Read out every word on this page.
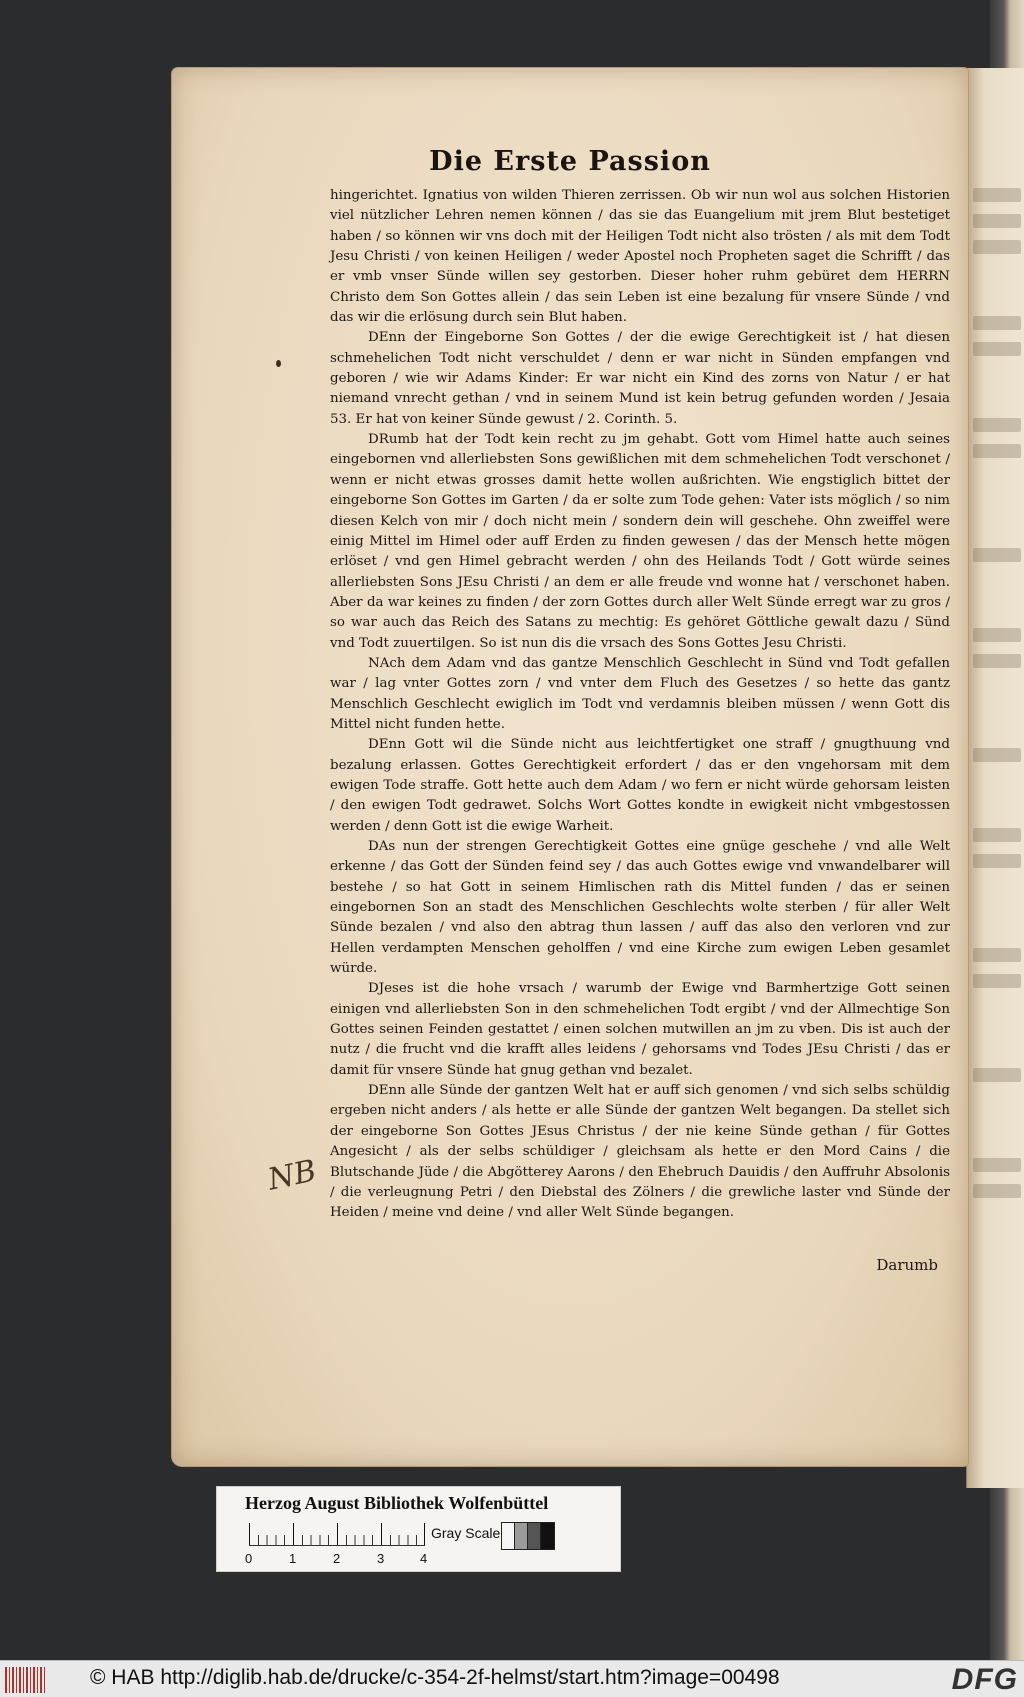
Die Erste Passion
NB

hingerichtet. Ignatius von wilden Thieren zerrissen. Ob wir nun wol aus solchen Historien viel nützlicher Lehren nemen können / das sie das Euangelium mit jrem Blut bestetiget haben / so können wir vns doch mit der Heiligen Todt nicht also trösten / als mit dem Todt Jesu Christi / von keinen Heiligen / weder Apostel noch Propheten saget die Schrifft / das er vmb vnser Sünde willen sey gestorben. Dieser hoher ruhm gebüret dem HERRN Christo dem Son Gottes allein / das sein Leben ist eine bezalung für vnsere Sünde / vnd das wir die erlösung durch sein Blut haben.

DEnn der Eingeborne Son Gottes / der die ewige Gerechtigkeit ist / hat diesen schmehelichen Todt nicht verschuldet / denn er war nicht in Sünden empfangen vnd geboren / wie wir Adams Kinder: Er war nicht ein Kind des zorns von Natur / er hat niemand vnrecht gethan / vnd in seinem Mund ist kein betrug gefunden worden / Jesaia 53. Er hat von keiner Sünde gewust / 2. Corinth. 5.

DRumb hat der Todt kein recht zu jm gehabt. Gott vom Himel hatte auch seines eingebornen vnd allerliebsten Sons gewißlichen mit dem schmehelichen Todt verschonet / wenn er nicht etwas grosses damit hette wollen außrichten. Wie engstiglich bittet der eingeborne Son Gottes im Garten / da er solte zum Tode gehen: Vater ists möglich / so nim diesen Kelch von mir / doch nicht mein / sondern dein will geschehe. Ohn zweiffel were einig Mittel im Himel oder auff Erden zu finden gewesen / das der Mensch hette mögen erlöset / vnd gen Himel gebracht werden / ohn des Heilands Todt / Gott würde seines allerliebsten Sons JEsu Christi / an dem er alle freude vnd wonne hat / verschonet haben. Aber da war keines zu finden / der zorn Gottes durch aller Welt Sünde erregt war zu gros / so war auch das Reich des Satans zu mechtig: Es gehöret Göttliche gewalt dazu / Sünd vnd Todt zuuertilgen. So ist nun dis die vrsach des Sons Gottes Jesu Christi.

NAch dem Adam vnd das gantze Menschlich Geschlecht in Sünd vnd Todt gefallen war / lag vnter Gottes zorn / vnd vnter dem Fluch des Gesetzes / so hette das gantz Menschlich Geschlecht ewiglich im Todt vnd verdamnis bleiben müssen / wenn Gott dis Mittel nicht funden hette.

DEnn Gott wil die Sünde nicht aus leichtfertigket one straff / gnugthuung vnd bezalung erlassen. Gottes Gerechtigkeit erfordert / das er den vngehorsam mit dem ewigen Tode straffe. Gott hette auch dem Adam / wo fern er nicht würde gehorsam leisten / den ewigen Todt gedrawet. Solchs Wort Gottes kondte in ewigkeit nicht vmbgestossen werden / denn Gott ist die ewige Warheit.

DAs nun der strengen Gerechtigkeit Gottes eine gnüge geschehe / vnd alle Welt erkenne / das Gott der Sünden feind sey / das auch Gottes ewige vnd vnwandelbarer will bestehe / so hat Gott in seinem Himlischen rath dis Mittel funden / das er seinen eingebornen Son an stadt des Menschlichen Geschlechts wolte sterben / für aller Welt Sünde bezalen / vnd also den abtrag thun lassen / auff das also den verloren vnd zur Hellen verdampten Menschen geholffen / vnd eine Kirche zum ewigen Leben gesamlet würde.

DJeses ist die hohe vrsach / warumb der Ewige vnd Barmhertzige Gott seinen einigen vnd allerliebsten Son in den schmehelichen Todt ergibt / vnd der Allmechtige Son Gottes seinen Feinden gestattet / einen solchen mutwillen an jm zu vben. Dis ist auch der nutz / die frucht vnd die krafft alles leidens / gehorsams vnd Todes JEsu Christi / das er damit für vnsere Sünde hat gnug gethan vnd bezalet.

DEnn alle Sünde der gantzen Welt hat er auff sich genomen / vnd sich selbs schüldig ergeben nicht anders / als hette er alle Sünde der gantzen Welt begangen. Da stellet sich der eingeborne Son Gottes JEsus Christus / der nie keine Sünde gethan / für Gottes Angesicht / als der selbs schüldiger / gleichsam als hette er den Mord Cains / die Blutschande Jüde / die Abgötterey Aarons / den Ehebruch Dauidis / den Auffruhr Absolonis / die verleugnung Petri / den Diebstal des Zölners / die grewliche laster vnd Sünde der Heiden / meine vnd deine / vnd aller Welt Sünde begangen.

Darumb
Herzog August Bibliothek Wolfenbüttel
0	1	2	3	4
Gray Scale
© HAB http://diglib.hab.de/drucke/c-354-2f-helmst/start.htm?image=00498	DFG
